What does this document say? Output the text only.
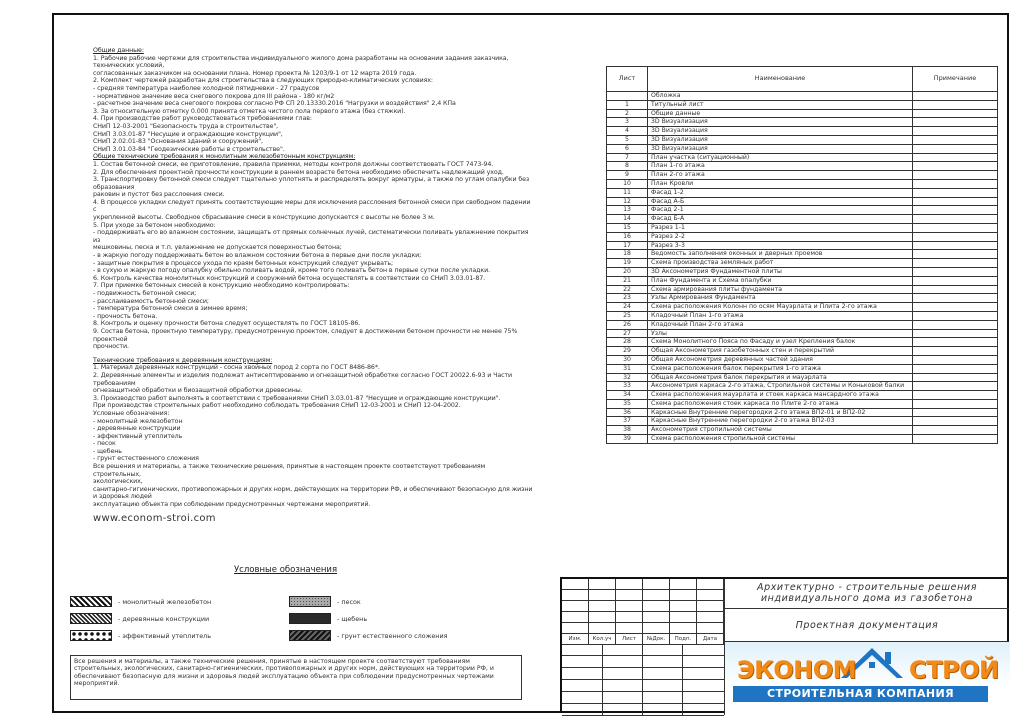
Общие данные:
1. Рабочие рабочие чертежи для строительства индивидуального жилого дома разработаны на основании задания заказчика, технических условий,
согласованных заказчиком на основании плана. Номер проекта № 1203/9-1 от 12 марта 2019 года.
2. Комплект чертежей разработан для строительства в следующих природно-климатических условиях:
- средняя температура наиболее холодной пятидневки - 27 градусов
- нормативное значение веса снегового покрова для III района - 180 кг/м2
- расчетное значение веса снегового покрова согласно РФ СП 20.13330.2016 "Нагрузки и воздействия" 2,4 КПа
3. За относительную отметку 0.000 принята отметка чистого пола первого этажа (без стяжки).
4. При производстве работ руководствоваться требованиями глав:
СНиП 12-03-2001 "Безопасность труда в строительстве",
СНиП 3.03.01-87 "Несущие и ограждающие конструкции",
СНиП 2.02.01-83 "Основания зданий и сооружений",
СНиП 3.01.03-84 "Геодезические работы в строительстве".
Общие технические требования к монолитным железобетонным конструкциям:
1. Состав бетонной смеси, ее приготовление, правила приемки, методы контроля должны соответствовать ГОСТ 7473-94.
2. Для обеспечения проектной прочности конструкции в раннем возрасте бетона необходимо обеспечить надлежащий уход.
3. Транспортировку бетонной смеси следует тщательно уплотнять и распределять вокруг арматуры, а также по углам опалубки без образования
раковин и пустот без расслоения смеси.
4. В процессе укладки следует принять соответствующие меры для исключения расслоения бетонной смеси при свободном падении с
укрепленной высоты. Свободное сбрасывание смеси в конструкцию допускается с высоты не более 3 м.
5. При уходе за бетоном необходимо:
- поддерживать его во влажном состоянии, защищать от прямых солнечных лучей, систематически поливать увлажнение покрытия из
мешковины, песка и т.п. увлажнение не допускается поверхностью бетона;
- в жаркую погоду поддерживать бетон во влажном состоянии бетона в первые дни после укладки;
- защитные покрытия в процессе ухода по краям бетонных конструкций следует укрывать;
- в сухую и жаркую погоду опалубку обильно поливать водой, кроме того поливать бетон в первые сутки после укладки.
6. Контроль качества монолитных конструкций и сооружений бетона осуществлять в соответствии со СНиП 3.03.01-87.
7. При приемке бетонных смесей в конструкцию необходимо контролировать:
- подвижность бетонной смеси;
- расслаиваемость бетонной смеси;
- температура бетонной смеси в зимнее время;
- прочность бетона.
8. Контроль и оценку прочности бетона следует осуществлять по ГОСТ 18105-86.
9. Состав бетона, проектную температуру, предусмотренную проектом, следует в достижении бетоном прочности не менее 75% проектной
прочности.
Технические требования к деревянным конструкциям:
1. Материал деревянных конструкций - сосна хвойных пород 2 сорта по ГОСТ 8486-86*.
2. Деревянные элементы и изделия подлежат антисептированию и огнезащитной обработке согласно ГОСТ 20022.6-93 и Части требованиям
огнезащитной обработки и биозащитной обработки древесины.
3. Производство работ выполнять в соответствии с требованиями СНиП 3.03.01-87 "Несущие и ограждающие конструкции".
При производстве строительных работ необходимо соблюдать требования СНиП 12-03-2001 и СНиП 12-04-2002.
Условные обозначения:
- монолитный железобетон
- деревянные конструкции
- эффективный утеплитель
- песок
- щебень
- грунт естественного сложения
Все решения и материалы, а также технические решения, принятые в настоящем проекте соответствуют требованиям строительных,
экологических,
санитарно-гигиенических, противопожарных и других норм, действующих на территории РФ, и обеспечивают безопасную для жизни и здоровья людей
эксплуатацию объекта при соблюдении предусмотренных чертежами мероприятий.
www.econom-stroi.com
Лист	Наименование	Примечание
	Обложка	
1	Титульный лист	
2	Общие данные	
3	3D Визуализация	
4	3D Визуализация	
5	3D Визуализация	
6	3D Визуализация	
7	План участка (ситуационный)	
8	План 1-го этажа	
9	План 2-го этажа	
10	План Кровли	
11	Фасад 1-2	
12	Фасад А-Б	
13	Фасад 2-1	
14	Фасад Б-А	
15	Разрез 1-1	
16	Разрез 2-2	
17	Разрез 3-3	
18	Ведомость заполнения оконных и дверных проемов	
19	Схема производства земляных работ	
20	3D Аксонометрия Фундаментной плиты	
21	План Фундамента и Схема опалубки	
22	Схема армирования плиты фундамента	
23	Узлы Армирования Фундамента	
24	Схема расположения Колонн по осям Мауэрлата и Плита 2-го этажа	
25	Кладочный План 1-го этажа	
26	Кладочный План 2-го этажа	
27	Узлы	
28	Схема Монолитного Пояса по Фасаду и узел Крепления балок	
29	Общая Аксонометрия газобетонных стен и перекрытий	
30	Общая Аксонометрия деревянных частей здания	
31	Схема расположения балок перекрытия 1-го этажа	
32	Общая Аксонометрия балок перекрытия и мауэрлата	
33	Аксонометрия каркаса 2-го этажа, Стропильной системы и Коньковой балки	
34	Схема расположения мауэрлата и стоек каркаса мансардного этажа	
35	Схема расположения стоек каркаса по Плите 2-го этажа	
36	Каркасные Внутренние перегородки 2-го этажа ВП2-01 и ВП2-02	
37	Каркасные Внутренние перегородки 2-го этажа ВП2-03	
38	Аксонометрия стропильной системы	
39	Схема расположения стропильной системы	
Условные обозначения
- монолитный железобетон
- деревянные конструкции
- эффективный утеплитель
- песок
- щебень
- грунт естественного сложения
Все решения и материалы, а также технические решения, принятые в настоящем проекте соответствуют требованиям строительных, экологических, санитарно-гигиенических, противопожарных и других норм, действующих на территории РФ, и обеспечивают безопасную для жизни и здоровья людей эксплуатацию объекта при соблюдении предусмотренных чертежами мероприятий.
Изм.	Кол.уч	Лист	№Док.	Подп.	Дата
Архитектурно - строительные решения индивидуального дома из газобетона
Проектная документация
ЭКОНОМ СТРОЙ
СТРОИТЕЛЬНАЯ КОМПАНИЯ
